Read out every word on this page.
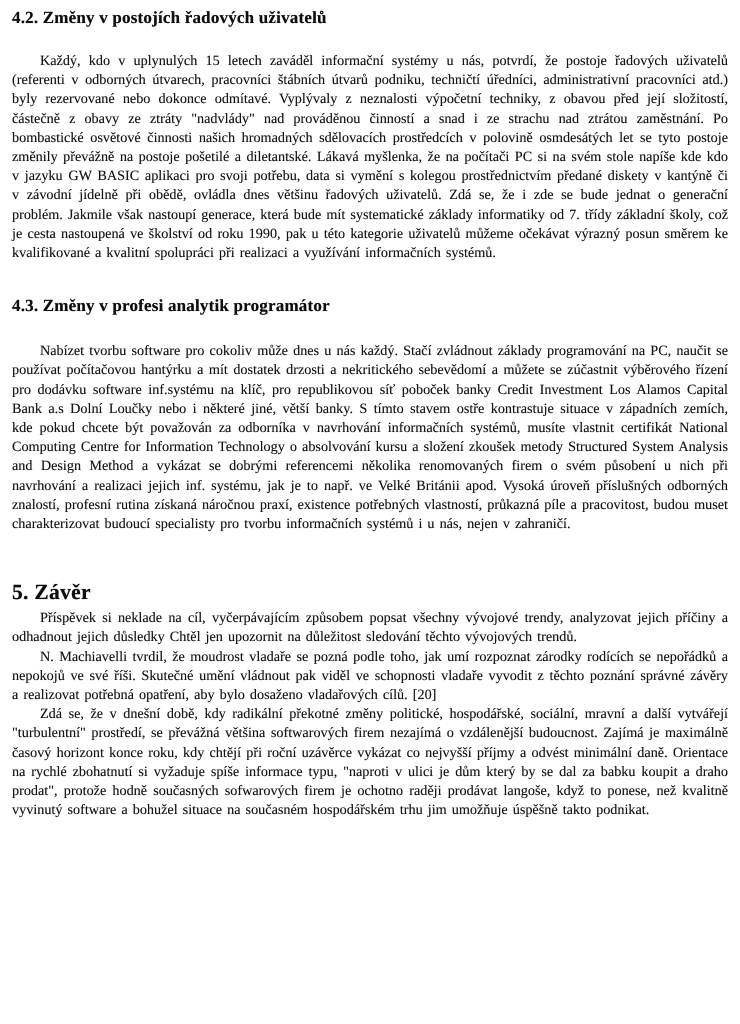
4.2. Změny v postojích řadových uživatelů

Každý, kdo v uplynulých 15 letech zaváděl informační systémy u nás, potvrdí, že postoje řadových uživatelů (referenti v odborných útvarech, pracovníci štábních útvarů podniku, techničtí úředníci, administrativní pracovníci atd.) byly rezervované nebo dokonce odmítavé. Vyplývaly z neznalosti výpočetní techniky, z obavou před její složitostí, částečně z obavy ze ztráty "nadvlády" nad prováděnou činností a snad i ze strachu nad ztrátou zaměstnání. Po bombastické osvětové činnosti našich hromadných sdělovacích prostředcích v polovině osmdesátých let se tyto postoje změnily převážně na postoje pošetilé a diletantské. Lákavá myšlenka, že na počítači PC si na svém stole napíše kde kdo v jazyku GW BASIC aplikaci pro svoji potřebu, data si vymění s kolegou prostřednictvím předané diskety v kantýně či v závodní jídelně při obědě, ovládla dnes většinu řadových uživatelů. Zdá se, že i zde se bude jednat o generační problém. Jakmile však nastoupí generace, která bude mít systematické základy informatiky od 7. třídy základní školy, což je cesta nastoupená ve školství od roku 1990, pak u této kategorie uživatelů můžeme očekávat výrazný posun směrem ke kvalifikované a kvalitní spolupráci při realizaci a využívání informačních systémů.

4.3. Změny v profesi analytik programátor

Nabízet tvorbu software pro cokoliv může dnes u nás každý. Stačí zvládnout základy programování na PC, naučit se používat počítačovou hantýrku a mít dostatek drzosti a nekritického sebevědomí a můžete se zúčastnit výběrového řízení pro dodávku software inf.systému na klíč, pro republikovou síť poboček banky Credit Investment Los Alamos Capital Bank a.s Dolní Loučky nebo i některé jiné, větší banky. S tímto stavem ostře kontrastuje situace v západních zemích, kde pokud chcete být považován za odborníka v navrhování informačních systémů, musíte vlastnit certifikát National Computing Centre for Information Technology o absolvování kursu a složení zkoušek metody Structured System Analysis and Design Method a vykázat se dobrými referencemi několika renomovaných firem o svém působení u nich při navrhování a realizaci jejich inf. systému, jak je to např. ve Velké Británii apod. Vysoká úroveň příslušných odborných znalostí, profesní rutina získaná náročnou praxí, existence potřebných vlastností, průkazná píle a pracovitost, budou muset charakterizovat budoucí specialisty pro tvorbu informačních systémů i u nás, nejen v zahraničí.

5. Závěr

Příspěvek si neklade na cíl, vyčerpávajícím způsobem popsat všechny vývojové trendy, analyzovat jejich příčiny a odhadnout jejich důsledky Chtěl jen upozornit na důležitost sledování těchto vývojových trendů.

N. Machiavelli tvrdil, že moudrost vladaře se pozná podle toho, jak umí rozpoznat zárodky rodících se nepořádků a nepokojů ve své říši. Skutečné umění vládnout pak viděl ve schopnosti vladaře vyvodit z těchto poznání správné závěry a realizovat potřebná opatření, aby bylo dosaženo vladařových cílů. [20]

Zdá se, že v dnešní době, kdy radikální překotné změny politické, hospodářské, sociální, mravní a další vytvářejí "turbulentní" prostředí, se převážná většina softwarových firem nezajímá o vzdálenější budoucnost. Zajímá je maximálně časový horizont konce roku, kdy chtějí při roční uzávěrce vykázat co nejvyšší příjmy a odvést minimální daně. Orientace na rychlé zbohatnutí si vyžaduje spíše informace typu, "naproti v ulici je dům který by se dal za babku koupit a draho prodat", protože hodně současných sofwarových firem je ochotno raději prodávat langoše, když to ponese, než kvalitně vyvinutý software a bohužel situace na současném hospodářském trhu jim umožňuje úspěšně takto podnikat.
